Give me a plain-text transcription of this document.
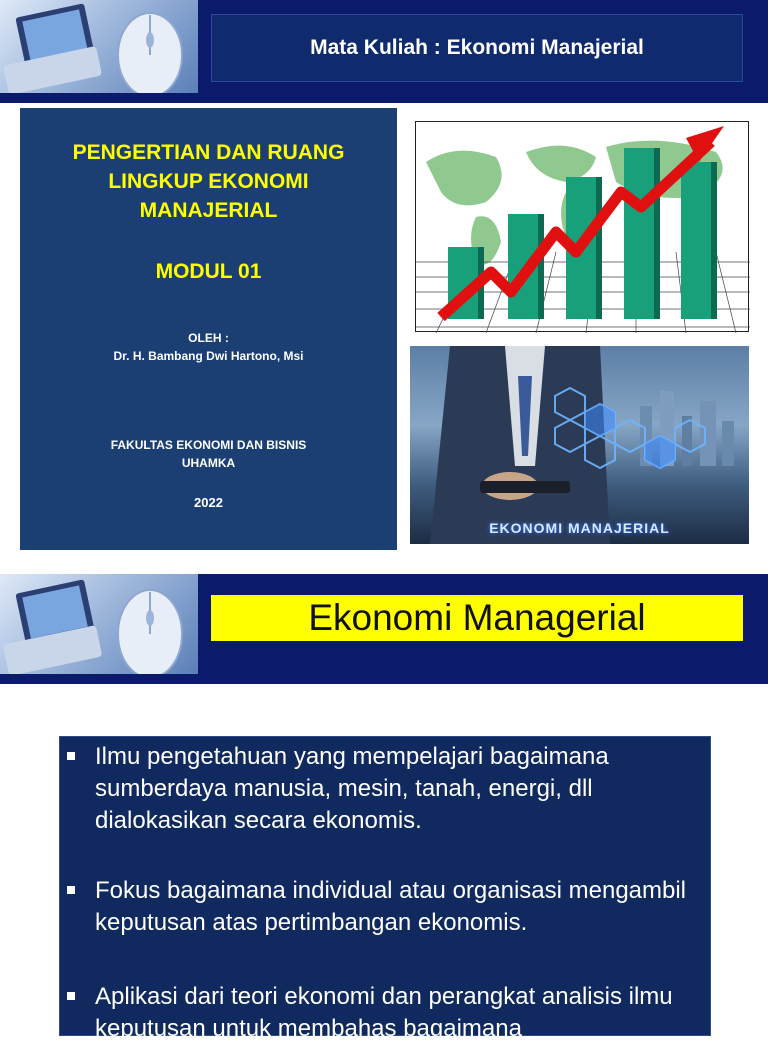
Mata Kuliah : Ekonomi Manajerial
PENGERTIAN DAN RUANG
LINGKUP EKONOMI
MANAJERIAL
MODUL 01
OLEH :
Dr. H. Bambang Dwi Hartono, Msi
FAKULTAS EKONOMI DAN BISNIS
UHAMKA
2022
EKONOMI MANAJERIAL
Ekonomi Managerial
Ilmu pengetahuan yang mempelajari bagaimana sumberdaya manusia, mesin, tanah, energi, dll dialokasikan secara ekonomis.
Fokus bagaimana individual atau organisasi mengambil keputusan atas pertimbangan ekonomis.
Aplikasi dari teori ekonomi dan perangkat analisis ilmu keputusan untuk membahas bagaimana
